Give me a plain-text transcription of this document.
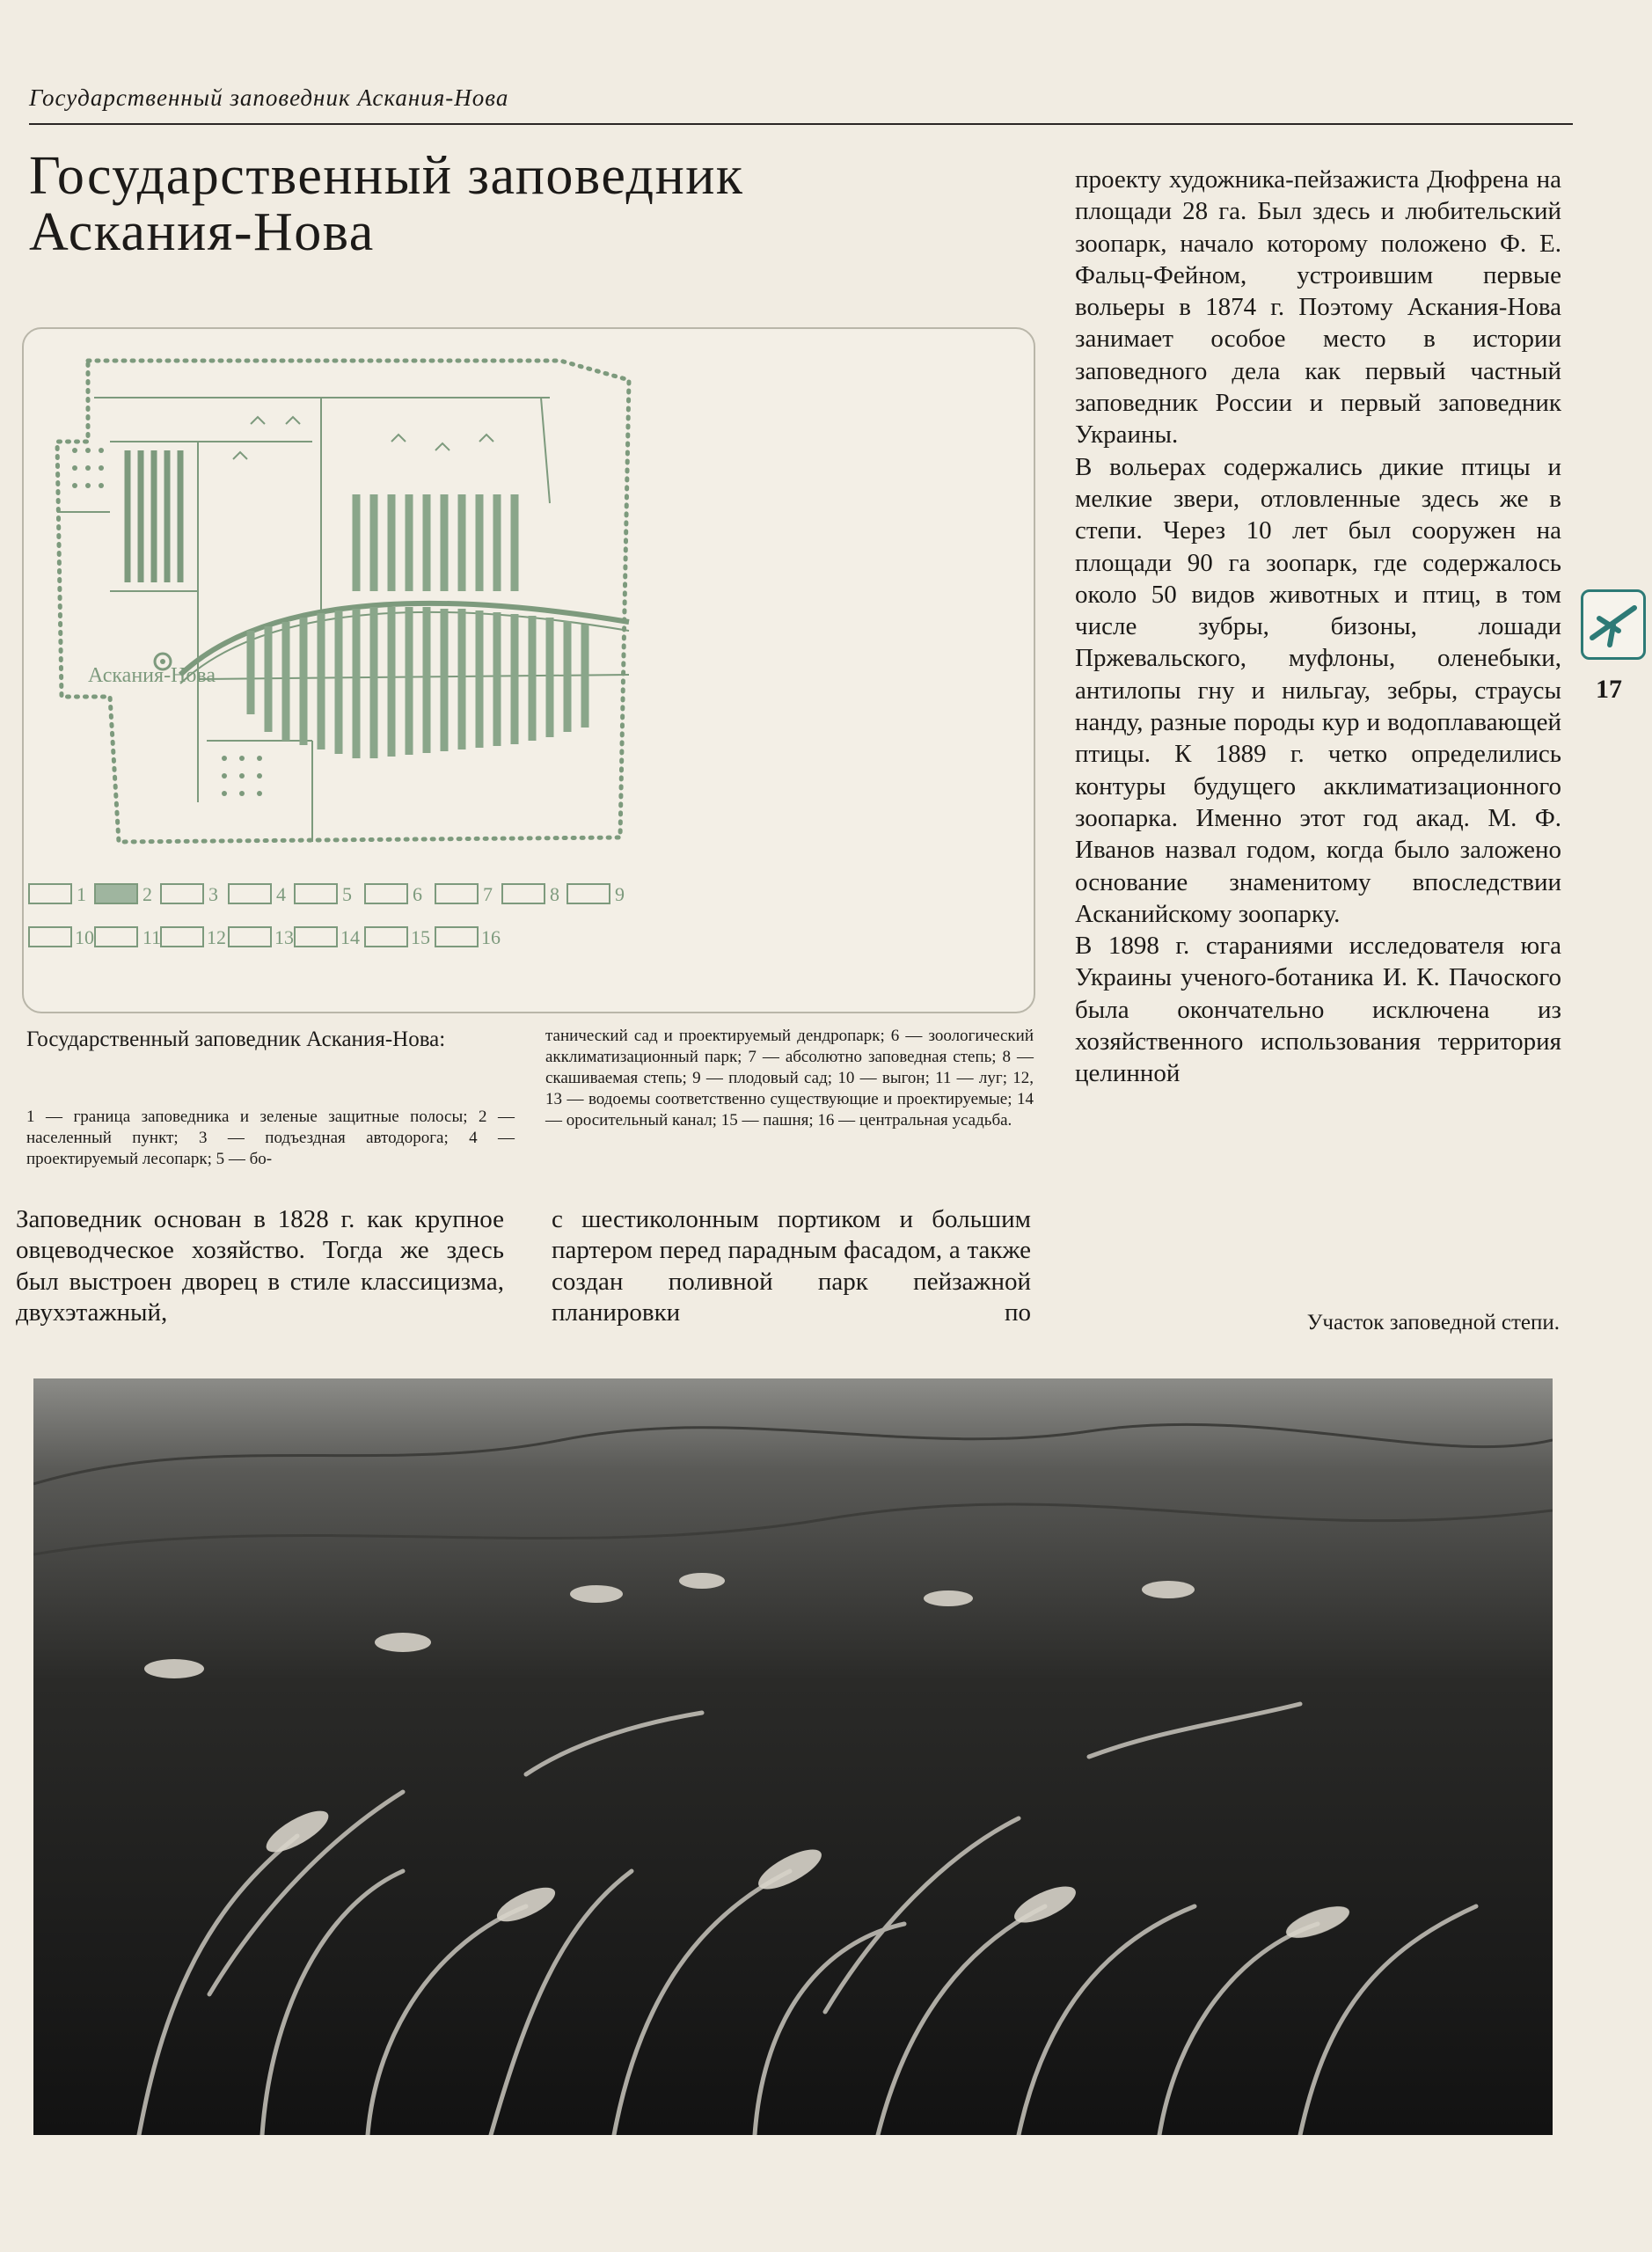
Государственный заповедник Аскания-Нова
Государственный заповедник
Аскания-Нова
Аскания-Нова
1	2	3	4	5	6	7	8	9
10	11 12	13 14	15	16
Государственный заповедник Аскания-Нова:
1 — граница заповедника и зеленые защитные полосы; 2 — населенный пункт; 3 — подъездная автодорога; 4 — проектируемый лесопарк; 5 — бо-
танический сад и проектируемый дендропарк; 6 — зоологический акклиматизационный парк; 7 — абсолютно заповедная степь; 8 — скашиваемая степь; 9 — плодовый сад; 10 — выгон; 11 — луг; 12, 13 — водоемы соответственно существующие и проектируемые; 14 — оросительный канал; 15 — пашня; 16 — центральная усадьба.
Заповедник основан в 1828 г. как крупное овцеводческое хозяйство. Тогда же здесь был выстроен дворец в стиле классицизма, двухэтажный,
с шестиколонным портиком и большим партером перед парадным фасадом, а также создан поливной парк пейзажной планировки по

проекту художника-пейзажиста Дюфрена на площади 28 га. Был здесь и любительский зоопарк, начало которому положено Ф. Е. Фальц-Фейном, устроившим первые вольеры в 1874 г. Поэтому Аскания-Нова занимает особое место в истории заповедного дела как первый частный заповедник России и первый заповедник Украины.

В вольерах содержались дикие птицы и мелкие звери, отловленные здесь же в степи. Через 10 лет был сооружен на площади 90 га зоопарк, где содержалось около 50 видов животных и птиц, в том числе зубры, бизоны, лошади Пржевальского, муфлоны, оленебыки, антилопы гну и нильгау, зебры, страусы нанду, разные породы кур и водоплавающей птицы. К 1889 г. четко определились контуры будущего акклиматизационного зоопарка. Именно этот год акад. М. Ф. Иванов назвал годом, когда было заложено основание знаменитому впоследствии Асканийскому зоопарку.

В 1898 г. стараниями исследователя юга Украины ученого-ботаника И. К. Пачоского была окончательно исключена из хозяйственного использования территория целинной

17
Участок заповедной степи.
